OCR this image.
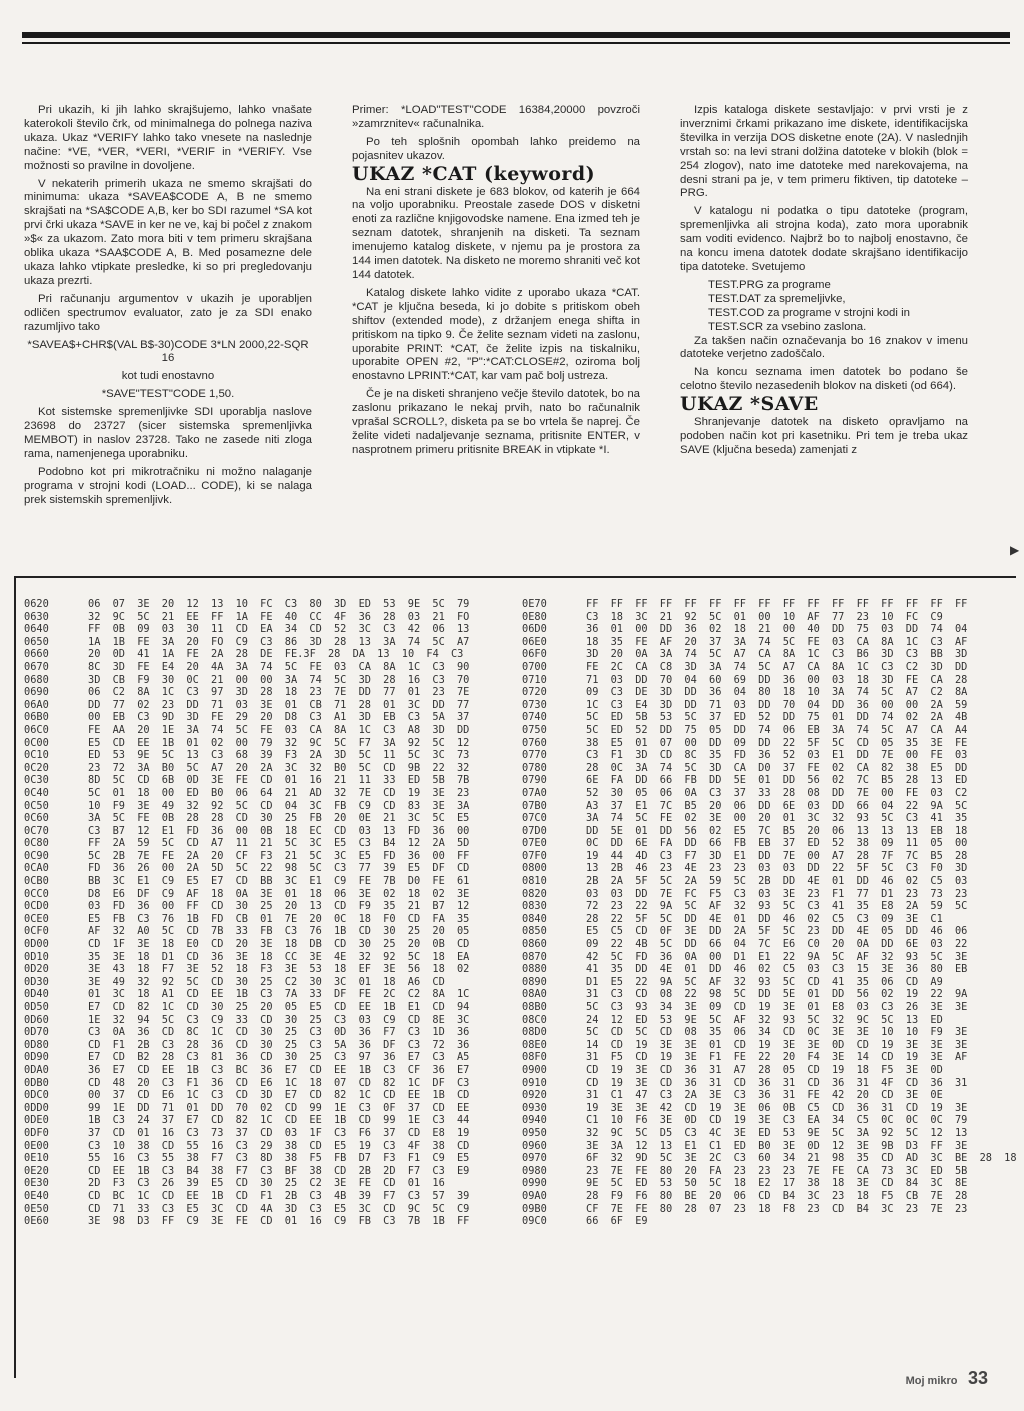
Pri ukazih, ki jih lahko skrajšujemo, lahko vnašate katerokoli število črk, od minimalnega do polnega naziva ukaza. Ukaz *VERIFY lahko tako vnesete na naslednje načine: *VE, *VER, *VERI, *VERIF in *VERIFY. Vse možnosti so pravilne in dovoljene.

V nekaterih primerih ukaza ne smemo skrajšati do minimuma: ukaza *SAVEA$CODE A, B ne smemo skrajšati na *SA$CODE A,B, ker bo SDI razumel *SA kot prvi črki ukaza *SAVE in ker ne ve, kaj bi počel z znakom »$« za ukazom. Zato mora biti v tem primeru skrajšana oblika ukaza *SAA$CODE A, B. Med posamezne dele ukaza lahko vtipkate presledke, ki so pri pregledovanju ukaza prezrti.

Pri računanju argumentov v ukazih je uporabljen odličen spectrumov evaluator, zato je za SDI enako razumljivo tako

*SAVEA$+CHR$(VAL B$-30)CODE 3*LN 2000,22-SQR 16

kot tudi enostavno

*SAVE"TEST"CODE 1,50.

Kot sistemske spremenljivke SDI uporablja naslove 23698 do 23727 (sicer sistemska spremenljivka MEMBOT) in naslov 23728. Tako ne zasede niti zloga rama, namenjenega uporabniku.

Podobno kot pri mikrotračniku ni možno nalaganje programa v strojni kodi (LOAD... CODE), ki se nalaga prek sistemskih spremenljivk.

Primer: *LOAD"TEST"CODE 16384,20000 povzroči »zamrznitev« računalnika.

Po teh splošnih opombah lahko preidemo na pojasnitev ukazov.

UKAZ *CAT (keyword)

Na eni strani diskete je 683 blokov, od katerih je 664 na voljo uporabniku. Preostale zasede DOS v disketni enoti za različne knjigovodske namene. Ena izmed teh je seznam datotek, shranjenih na disketi. Ta seznam imenujemo katalog diskete, v njemu pa je prostora za 144 imen datotek. Na disketo ne moremo shraniti več kot 144 datotek.

Katalog diskete lahko vidite z uporabo ukaza *CAT. *CAT je ključna beseda, ki jo dobite s pritiskom obeh shiftov (extended mode), z držanjem enega shifta in pritiskom na tipko 9. Če želite seznam videti na zaslonu, uporabite PRINT: *CAT, če želite izpis na tiskalniku, uporabite OPEN #2, "P":*CAT:CLOSE#2, oziroma bolj enostavno LPRINT:*CAT, kar vam pač bolj ustreza.

Če je na disketi shranjeno večje število datotek, bo na zaslonu prikazano le nekaj prvih, nato bo računalnik vprašal SCROLL?, disketa pa se bo vrtela še naprej. Če želite videti nadaljevanje seznama, pritisnite ENTER, v nasprotnem primeru pritisnite BREAK in vtipkate *I.

Izpis kataloga diskete sestavljajo: v prvi vrsti je z inverznimi črkami prikazano ime diskete, identifikacijska številka in verzija DOS disketne enote (2A). V naslednjih vrstah so: na levi strani dolžina datoteke v blokih (blok = 254 zlogov), nato ime datoteke med narekovajema, na desni strani pa je, v tem primeru fiktiven, tip datoteke – PRG.

V katalogu ni podatka o tipu datoteke (program, spremenljivka ali strojna koda), zato mora uporabnik sam voditi evidenco. Najbrž bo to najbolj enostavno, če na koncu imena datotek dodate skrajšano identifikacijo tipa datoteke. Svetujemo

TEST.PRG za programe

TEST.DAT za spremeljivke,

TEST.COD za programe v strojni kodi in

TEST.SCR za vsebino zaslona.

Za takšen način označevanja bo 16 znakov v imenu datoteke verjetno zadoščalo.

Na koncu seznama imen datotek bo podano še celotno število nezasedenih blokov na disketi (od 664).

UKAZ *SAVE

Shranjevanje datotek na disketo opravljamo na podoben način kot pri kasetniku. Pri tem je treba ukaz SAVE (ključna beseda) zamenjati z

▶
0620	06 07 3E 20 12 13 10 FC C3 80 3D ED 53 9E 5C 79
0630	32 9C 5C 21 EE FF 1A FE 40 CC 4F 36 28 03 21 FO
0640	FF 0B 09 03 30 11 CD EA 34 CD 52 3C C3 42 06 13
0650	1A 1B FE 3A 20 FO C9 C3 86 3D 28 13 3A 74 5C A7
0660	20 0D 41 1A FE 2A 28 DE FE.3F 28 DA 13 10 F4 C3
0670	8C 3D FE E4 20 4A 3A 74 5C FE 03 CA 8A 1C C3 90
0680	3D CB F9 30 0C 21 00 00 3A 74 5C 3D 28 16 C3 70
0690	06 C2 8A 1C C3 97 3D 28 18 23 7E DD 77 01 23 7E
06A0	DD 77 02 23 DD 71 03 3E 01 CB 71 28 01 3C DD 77
06B0	00 EB C3 9D 3D FE 29 20 D8 C3 A1 3D EB C3 5A 37
06C0	FE AA 20 1E 3A 74 5C FE 03 CA 8A 1C C3 A8 3D DD
0C00	E5 CD EE 1B 01 02 00 79 32 9C 5C F7 3A 92 5C 12
0C10	ED 53 9E 5C 13 C3 68 39 F3 2A 3D 5C 11 5C 3C 73
0C20	23 72 3A B0 5C A7 20 2A 3C 32 B0 5C CD 9B 22 32
0C30	8D 5C CD 6B 0D 3E FE CD 01 16 21 11 33 ED 5B 7B
0C40	5C 01 18 00 ED B0 06 64 21 AD 32 7E CD 19 3E 23
0C50	10 F9 3E 49 32 92 5C CD 04 3C FB C9 CD 83 3E 3A
0C60	3A 5C FE 0B 28 28 CD 30 25 FB 20 0E 21 3C 5C E5
0C70	C3 B7 12 E1 FD 36 00 0B 18 EC CD 03 13 FD 36 00
0C80	FF 2A 59 5C CD A7 11 21 5C 3C E5 C3 B4 12 2A 5D
0C90	5C 2B 7E FE 2A 20 CF F3 21 5C 3C E5 FD 36 00 FF
0CA0	FD 36 26 00 2A 5D 5C 22 98 5C C3 77 39 E5 DF CD
0CB0	BB 3C E1 C9 E5 E7 CD BB 3C E1 C9 FE 7B D0 FE 61
0CC0	D8 E6 DF C9 AF 18 0A 3E 01 18 06 3E 02 18 02 3E
0CD0	03 FD 36 00 FF CD 30 25 20 13 CD F9 35 21 B7 12
0CE0	E5 FB C3 76 1B FD CB 01 7E 20 0C 18 F0 CD FA 35
0CF0	AF 32 A0 5C CD 7B 33 FB C3 76 1B CD 30 25 20 05
0D00	CD 1F 3E 18 E0 CD 20 3E 18 DB CD 30 25 20 0B CD
0D10	35 3E 18 D1 CD 36 3E 18 CC 3E 4E 32 92 5C 18 EA
0D20	3E 43 18 F7 3E 52 18 F3 3E 53 18 EF 3E 56 18 02
0D30	3E 49 32 92 5C CD 30 25 C2 30 3C 01 18 A6 CD
0D40	01 3C 18 A1 CD EE 1B C3 7A 33 DF FE 2C C2 8A 1C
0D50	E7 CD 82 1C CD 30 25 20 05 E5 CD EE 1B E1 CD 94
0D60	1E 32 94 5C C3 C9 33 CD 30 25 C3 03 C9 CD 8E 3C
0D70	C3 0A 36 CD 8C 1C CD 30 25 C3 0D 36 F7 C3 1D 36
0D80	CD F1 2B C3 28 36 CD 30 25 C3 5A 36 DF C3 72 36
0D90	E7 CD B2 28 C3 81 36 CD 30 25 C3 97 36 E7 C3 A5
0DA0	36 E7 CD EE 1B C3 BC 36 E7 CD EE 1B C3 CF 36 E7
0DB0	CD 48 20 C3 F1 36 CD E6 1C 18 07 CD 82 1C DF C3
0DC0	00 37 CD E6 1C C3 CD 3D E7 CD 82 1C CD EE 1B CD
0DD0	99 1E DD 71 01 DD 70 02 CD 99 1E C3 0F 37 CD EE
0DE0	1B C3 24 37 E7 CD 82 1C CD EE 1B CD 99 1E C3 44
0DF0	37 CD 01 16 C3 73 37 CD 03 1F C3 F6 37 CD E8 19
0E00	C3 10 38 CD 55 16 C3 29 38 CD E5 19 C3 4F 38 CD
0E10	55 16 C3 55 38 F7 C3 8D 38 F5 FB D7 F3 F1 C9 E5
0E20	CD EE 1B C3 B4 38 F7 C3 BF 38 CD 2B 2D F7 C3 E9
0E30	2D F3 C3 26 39 E5 CD 30 25 C2 3E FE CD 01 16
0E40	CD BC 1C CD EE 1B CD F1 2B C3 4B 39 F7 C3 57 39
0E50	CD 71 33 C3 E5 3C CD 4A 3D C3 E5 3C CD 9C 5C C9
0E60	3E 98 D3 FF C9 3E FE CD 01 16 C9 FB C3 7B 1B FF
0E70	FF FF FF FF FF FF FF FF FF FF FF FF FF FF FF FF
0E80	C3 18 3C 21 92 5C 01 00 10 AF 77 23 10 FC C9
06D0	36 01 00 DD 36 02 18 21 00 40 DD 75 03 DD 74 04
06E0	18 35 FE AF 20 37 3A 74 5C FE 03 CA 8A 1C C3 AF
06F0	3D 20 0A 3A 74 5C A7 CA 8A 1C C3 B6 3D C3 BB 3D
0700	FE 2C CA C8 3D 3A 74 5C A7 CA 8A 1C C3 C2 3D DD
0710	71 03 DD 70 04 60 69 DD 36 00 03 18 3D FE CA 28
0720	09 C3 DE 3D DD 36 04 80 18 10 3A 74 5C A7 C2 8A
0730	1C C3 E4 3D DD 71 03 DD 70 04 DD 36 00 00 2A 59
0740	5C ED 5B 53 5C 37 ED 52 DD 75 01 DD 74 02 2A 4B
0750	5C ED 52 DD 75 05 DD 74 06 EB 3A 74 5C A7 CA A4
0760	38 E5 01 07 00 DD 09 DD 22 5F 5C CD 05 35 3E FE
0770	C3 F1 3D CD 8C 35 FD 36 52 03 E1 DD 7E 00 FE 03
0780	28 0C 3A 74 5C 3D CA D0 37 FE 02 CA 82 38 E5 DD
0790	6E FA DD 66 FB DD 5E 01 DD 56 02 7C B5 28 13 ED
07A0	52 30 05 06 0A C3 37 33 28 08 DD 7E 00 FE 03 C2
07B0	A3 37 E1 7C B5 20 06 DD 6E 03 DD 66 04 22 9A 5C
07C0	3A 74 5C FE 02 3E 00 20 01 3C 32 93 5C C3 41 35
07D0	DD 5E 01 DD 56 02 E5 7C B5 20 06 13 13 13 EB 18
07E0	0C DD 6E FA DD 66 FB EB 37 ED 52 38 09 11 05 00
07F0	19 44 4D C3 F7 3D E1 DD 7E 00 A7 28 7F 7C B5 28
0800	13 2B 46 23 4E 23 23 03 03 DD 22 5F 5C C3 F0 3D
0810	2B 2A 5F 5C 2A 59 5C 2B DD 4E 01 DD 46 02 C5 03
0820	03 03 DD 7E FC F5 C3 03 3E 23 F1 77 D1 23 73 23
0830	72 23 22 9A 5C AF 32 93 5C C3 41 35 E8 2A 59 5C
0840	28 22 5F 5C DD 4E 01 DD 46 02 C5 C3 09 3E C1
0850	E5 C5 CD 0F 3E DD 2A 5F 5C 23 DD 4E 05 DD 46 06
0860	09 22 4B 5C DD 66 04 7C E6 C0 20 0A DD 6E 03 22
0870	42 5C FD 36 0A 00 D1 E1 22 9A 5C AF 32 93 5C 3E
0880	41 35 DD 4E 01 DD 46 02 C5 03 C3 15 3E 36 80 EB
0890	D1 E5 22 9A 5C AF 32 93 5C CD 41 35 06 CD A9
08A0	31 C3 CD 08 22 98 5C DD 5E 01 DD 56 02 19 22 9A
08B0	5C C3 93 34 3E 09 CD 19 3E 01 E8 03 C3 26 3E 3E
08C0	24 12 ED 53 9E 5C AF 32 93 5C 32 9C 5C 13 ED
08D0	5C CD 5C CD 08 35 06 34 CD 0C 3E 3E 10 10 F9 3E
08E0	14 CD 19 3E 3E 01 CD 19 3E 3E 0D CD 19 3E 3E 3E
08F0	31 F5 CD 19 3E F1 FE 22 20 F4 3E 14 CD 19 3E AF
0900	CD 19 3E CD 36 31 A7 28 05 CD 19 18 F5 3E 0D
0910	CD 19 3E CD 36 31 CD 36 31 CD 36 31 4F CD 36 31
0920	31 C1 47 C3 2A 3E C3 36 31 FE 42 20 CD 3E 0E
0930	19 3E 3E 42 CD 19 3E 06 0B C5 CD 36 31 CD 19 3E
0940	C1 10 F6 3E 0D CD 19 3E C3 EA 34 C5 0C 0C 0C 79
0950	32 9C 5C D5 C3 4C 3E ED 53 9E 5C 3A 92 5C 12 13
0960	3E 3A 12 13 E1 C1 ED B0 3E 0D 12 3E 9B D3 FF 3E
0970	6F 32 9D 5C 3E 2C C3 60 34 21 98 35 CD AD 3C BE 28 18
0980	23 7E FE 80 20 FA 23 23 23 7E FE CA 73 3C ED 5B
0990	9E 5C ED 53 50 5C 18 E2 17 38 18 3E CD 84 3C 8E
09A0	28 F9 F6 80 BE 20 06 CD B4 3C 23 18 F5 CB 7E 28
09B0	CF 7E FE 80 28 07 23 18 F8 23 CD B4 3C 23 7E 23
09C0	66 6F E9
Moj mikro 33
